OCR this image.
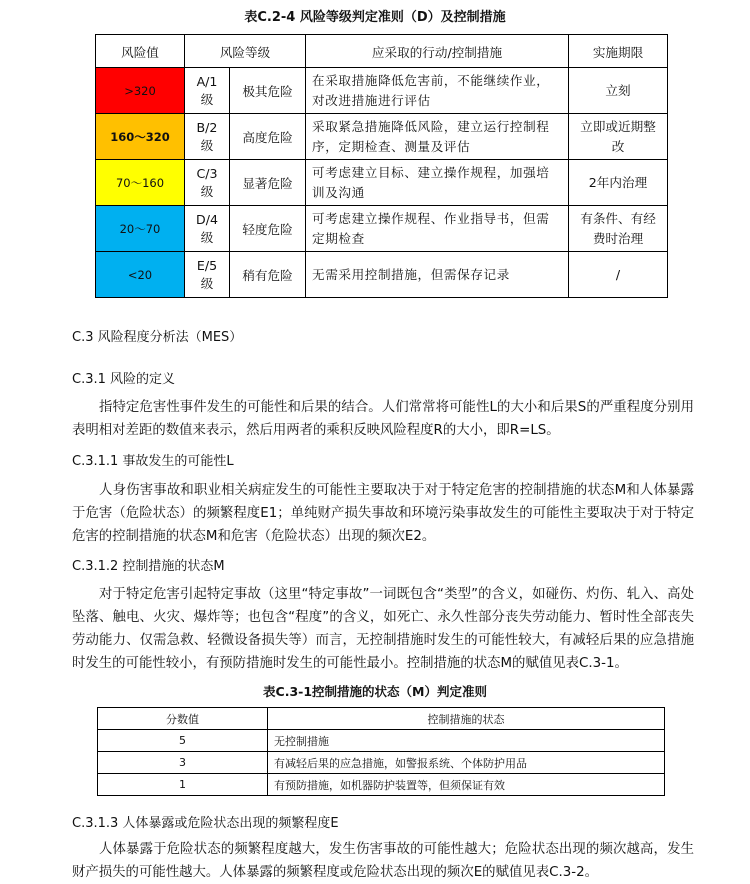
表C.2-4 风险等级判定准则（D）及控制措施
风险值	风险等级		应采取的行动/控制措施	实施期限
>320	A/1级	极其危险	在采取措施降低危害前，不能继续作业，对改进措施进行评估	立刻
160～320	B/2级	高度危险	采取紧急措施降低风险，建立运行控制程序，定期检查、测量及评估	立即或近期整改
70～160	C/3级	显著危险	可考虑建立目标、建立操作规程，加强培训及沟通	2年内治理
20～70	D/4级	轻度危险	可考虑建立操作规程、作业指导书，但需定期检查	有条件、有经费时治理
<20	E/5级	稍有危险	无需采用控制措施，但需保存记录	/
C.3 风险程度分析法（MES）
C.3.1 风险的定义
指特定危害性事件发生的可能性和后果的结合。人们常常将可能性L的大小和后果S的严重程度分别用表明相对差距的数值来表示，然后用两者的乘积反映风险程度R的大小，即R=LS。
C.3.1.1 事故发生的可能性L
人身伤害事故和职业相关病症发生的可能性主要取决于对于特定危害的控制措施的状态M和人体暴露于危害（危险状态）的频繁程度E1；单纯财产损失事故和环境污染事故发生的可能性主要取决于对于特定危害的控制措施的状态M和危害（危险状态）出现的频次E2。
C.3.1.2 控制措施的状态M
对于特定危害引起特定事故（这里“特定事故”一词既包含“类型”的含义，如碰伤、灼伤、轧入、高处坠落、触电、火灾、爆炸等；也包含“程度”的含义，如死亡、永久性部分丧失劳动能力、暂时性全部丧失劳动能力、仅需急救、轻微设备损失等）而言，无控制措施时发生的可能性较大，有减轻后果的应急措施时发生的可能性较小，有预防措施时发生的可能性最小。控制措施的状态M的赋值见表C.3-1。
表C.3-1控制措施的状态（M）判定准则
分数值	控制措施的状态
5	无控制措施
3	有减轻后果的应急措施，如警报系统、个体防护用品
1	有预防措施，如机器防护装置等，但须保证有效
C.3.1.3 人体暴露或危险状态出现的频繁程度E
人体暴露于危险状态的频繁程度越大，发生伤害事故的可能性越大；危险状态出现的频次越高，发生财产损失的可能性越大。人体暴露的频繁程度或危险状态出现的频次E的赋值见表C.3-2。
